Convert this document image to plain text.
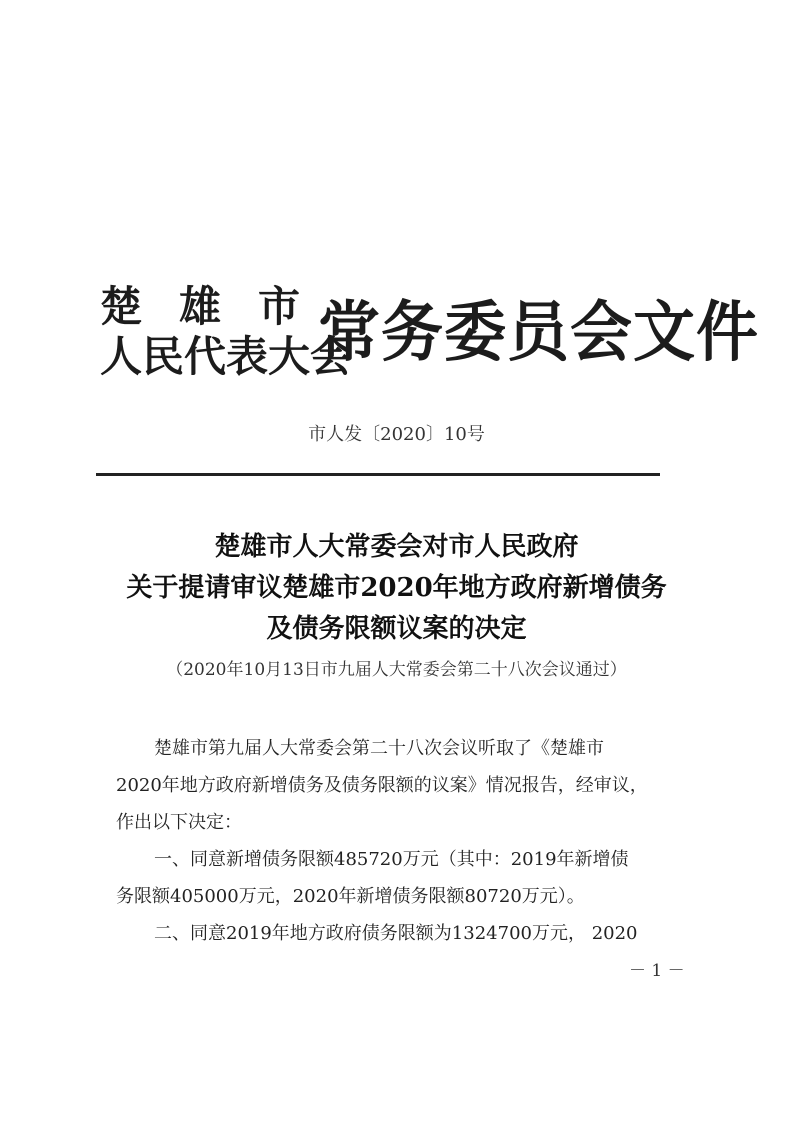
楚 雄 市
人民代表大会
常务委员会文件
市人发〔2020〕10号
楚雄市人大常委会对市人民政府
关于提请审议楚雄市2020年地方政府新增债务
及债务限额议案的决定
（2020年10月13日市九届人大常委会第二十八次会议通过）

楚雄市第九届人大常委会第二十八次会议听取了《楚雄市

2020年地方政府新增债务及债务限额的议案》情况报告，经审议，

作出以下决定：

一、同意新增债务限额485720万元（其中：2019年新增债

务限额405000万元，2020年新增债务限额80720万元）。

二、同意2019年地方政府债务限额为1324700万元， 2020

－ 1 －
